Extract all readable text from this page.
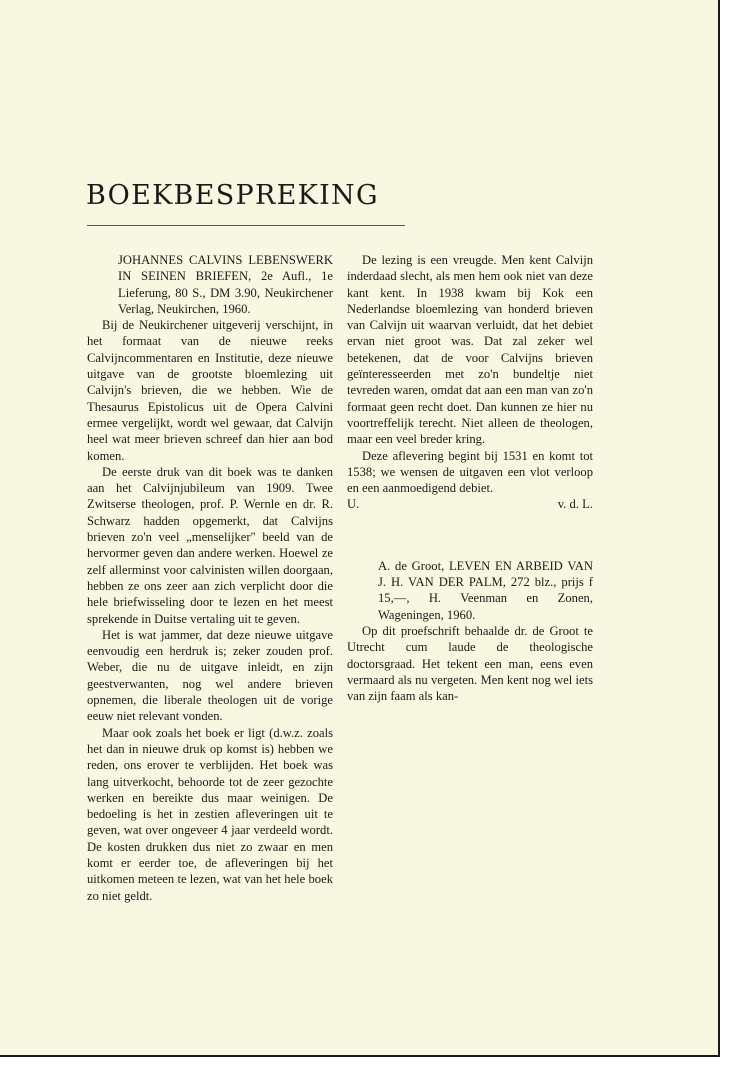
BOEKBESPREKING
JOHANNES CALVINS LEBENSWERK IN SEINEN BRIEFEN, 2e Aufl., 1e Lieferung, 80 S., DM 3.90, Neukirchener Verlag, Neukirchen, 1960.

Bij de Neukirchener uitgeverij verschijnt, in het formaat van de nieuwe reeks Calvijncommentaren en Institutie, deze nieuwe uitgave van de grootste bloemlezing uit Calvijn's brieven, die we hebben. Wie de Thesaurus Epistolicus uit de Opera Calvini ermee vergelijkt, wordt wel gewaar, dat Calvijn heel wat meer brieven schreef dan hier aan bod komen.

De eerste druk van dit boek was te danken aan het Calvijnjubileum van 1909. Twee Zwitserse theologen, prof. P. Wernle en dr. R. Schwarz hadden opgemerkt, dat Calvijns brieven zo'n veel „menselijker" beeld van de hervormer geven dan andere werken. Hoewel ze zelf allerminst voor calvinisten willen doorgaan, hebben ze ons zeer aan zich verplicht door die hele briefwisseling door te lezen en het meest sprekende in Duitse vertaling uit te geven.

Het is wat jammer, dat deze nieuwe uitgave eenvoudig een herdruk is; zeker zouden prof. Weber, die nu de uitgave inleidt, en zijn geestverwanten, nog wel andere brieven opnemen, die liberale theologen uit de vorige eeuw niet relevant vonden.

Maar ook zoals het boek er ligt (d.w.z. zoals het dan in nieuwe druk op komst is) hebben we reden, ons erover te verblijden. Het boek was lang uitverkocht, behoorde tot de zeer gezochte werken en bereikte dus maar weinigen. De bedoeling is het in zestien afleveringen uit te geven, wat over ongeveer 4 jaar verdeeld wordt. De kosten drukken dus niet zo zwaar en men komt er eerder toe, de afleveringen bij het uitkomen meteen te lezen, wat van het hele boek zo niet geldt.

De lezing is een vreugde. Men kent Calvijn inderdaad slecht, als men hem ook niet van deze kant kent. In 1938 kwam bij Kok een Nederlandse bloemlezing van honderd brieven van Calvijn uit waarvan verluidt, dat het debiet ervan niet groot was. Dat zal zeker wel betekenen, dat de voor Calvijns brieven geïnteresseerden met zo'n bundeltje niet tevreden waren, omdat dat aan een man van zo'n formaat geen recht doet. Dan kunnen ze hier nu voortreffelijk terecht. Niet alleen de theologen, maar een veel breder kring.

Deze aflevering begint bij 1531 en komt tot 1538; we wensen de uitgaven een vlot verloop en een aanmoedigend debiet.

U.	v. d. L.
A. de Groot, LEVEN EN ARBEID VAN J. H. VAN DER PALM, 272 blz., prijs f 15,—, H. Veenman en Zonen, Wageningen, 1960.

Op dit proefschrift behaalde dr. de Groot te Utrecht cum laude de theologische doctorsgraad. Het tekent een man, eens even vermaard als nu vergeten. Men kent nog wel iets van zijn faam als kan-
